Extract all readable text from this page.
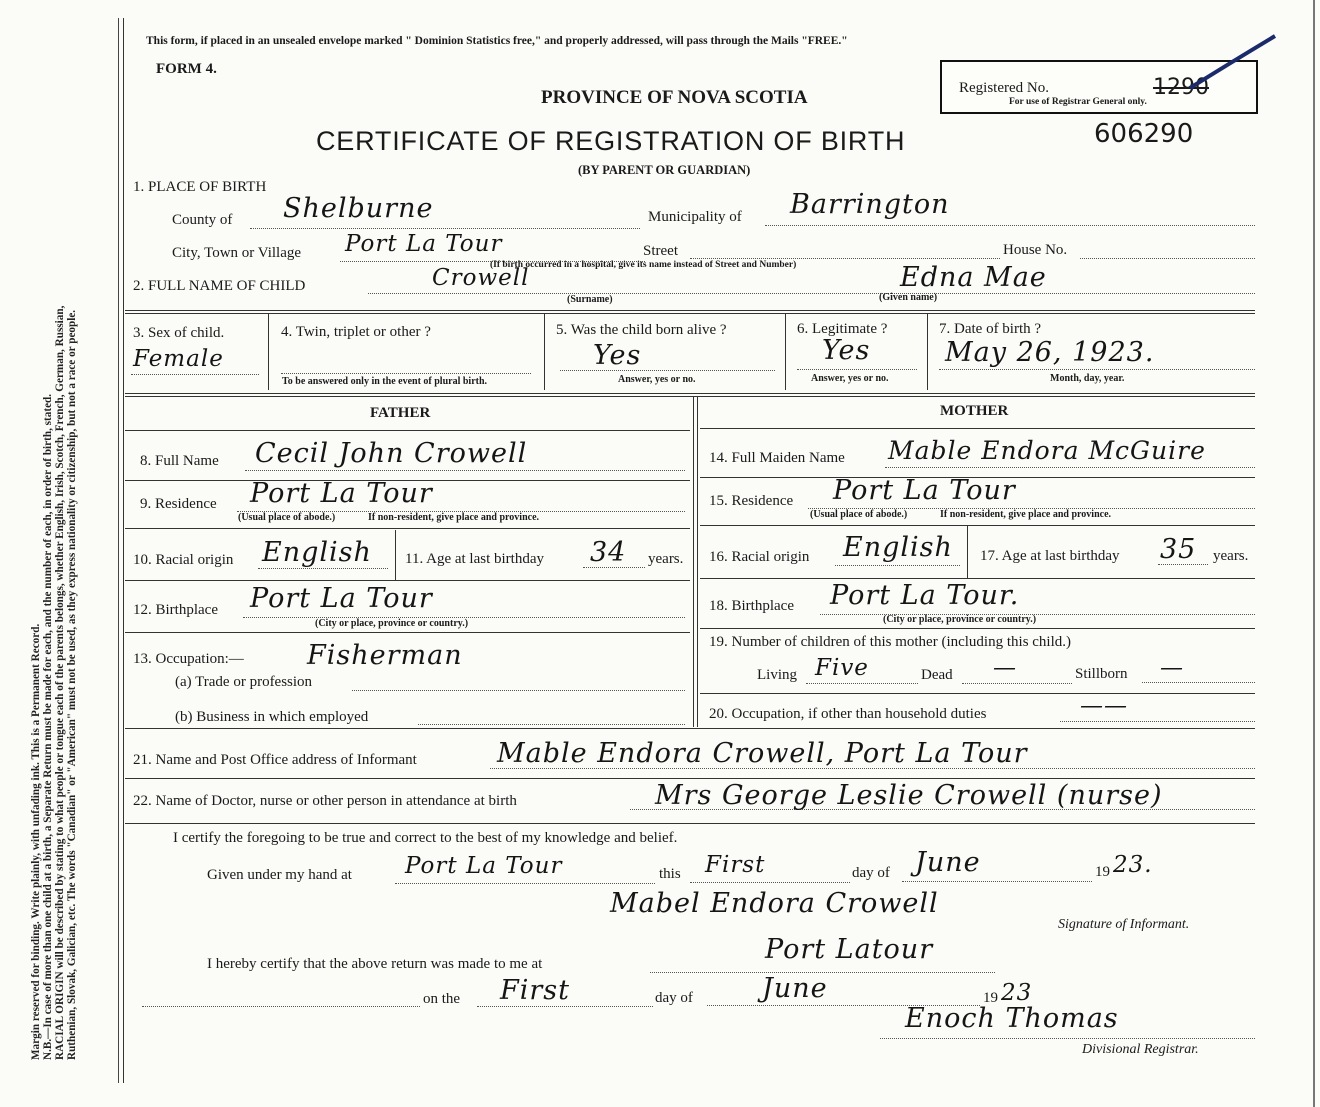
Margin reserved for binding. Write plainly, with unfading ink. This is a Permanent Record. N.B.—In case of more than one child at a birth, a Separate Return must be made for each, and the number of each, in order of birth, stated. RACIAL ORIGIN will be described by stating to what people or tongue each of the parents belongs, whether English, Irish, Scotch, French, German, Russian, Ruthenian, Slovak, Galician, etc. The words "Canadian" or "American" must not be used, as they express nationality or citizenship, but not a race or people.
This form, if placed in an unsealed envelope marked " Dominion Statistics free," and properly addressed, will pass through the Mails "FREE."
FORM 4.
PROVINCE OF NOVA SCOTIA
CERTIFICATE OF REGISTRATION OF BIRTH	606290
(BY PARENT OR GUARDIAN)
Registered No.	1290
For use of Registrar General only.
1. PLACE OF BIRTH
County of Shelburne	Municipality of Barrington
City, Town or Village Port La Tour	Street	House No.
(If birth occurred in a hospital, give its name instead of Street and Number)
2. FULL NAME OF CHILD	Crowell
(Surname)
Edna Mae
(Given name)
3. Sex of child.
Female
4. Twin, triplet or other ?
To be answered only in the event of plural birth.
5. Was the child born alive ?
Yes
Answer, yes or no.
6. Legitimate ?
Yes
Answer, yes or no.
7. Date of birth ?
May 26, 1923.
Month, day, year.
FATHER	MOTHER
8. Full Name Cecil John Crowell
9. Residence Port La Tour
(Usual place of abode.)	If non-resident, give place and province.
10. Racial origin English 11. Age at last birthday 34 years.
12. Birthplace Port La Tour
(City or place, province or country.)
13. Occupation:— Fisherman
(a) Trade or profession
(b) Business in which employed
14. Full Maiden Name Mable Endora McGuire
15. Residence Port La Tour
(Usual place of abode.)	If non-resident, give place and province.
16. Racial origin English 17. Age at last birthday 35 years.
18. Birthplace Port La Tour.
(City or place, province or country.)
19. Number of children of this mother (including this child.)
Living Five	Dead —	Stillborn —
20. Occupation, if other than household duties	——
21. Name and Post Office address of Informant	Mable Endora Crowell, Port La Tour
22. Name of Doctor, nurse or other person in attendance at birth	Mrs George Leslie Crowell (nurse)
I certify the foregoing to be true and correct to the best of my knowledge and belief.
Given under my hand at Port La Tour	this First	day of June	19 23.
Mabel Endora Crowell
Signature of Informant.
I hereby certify that the above return was made to me at	Port Latour
on the First	day of	June	19 23
Enoch Thomas
Divisional Registrar.
